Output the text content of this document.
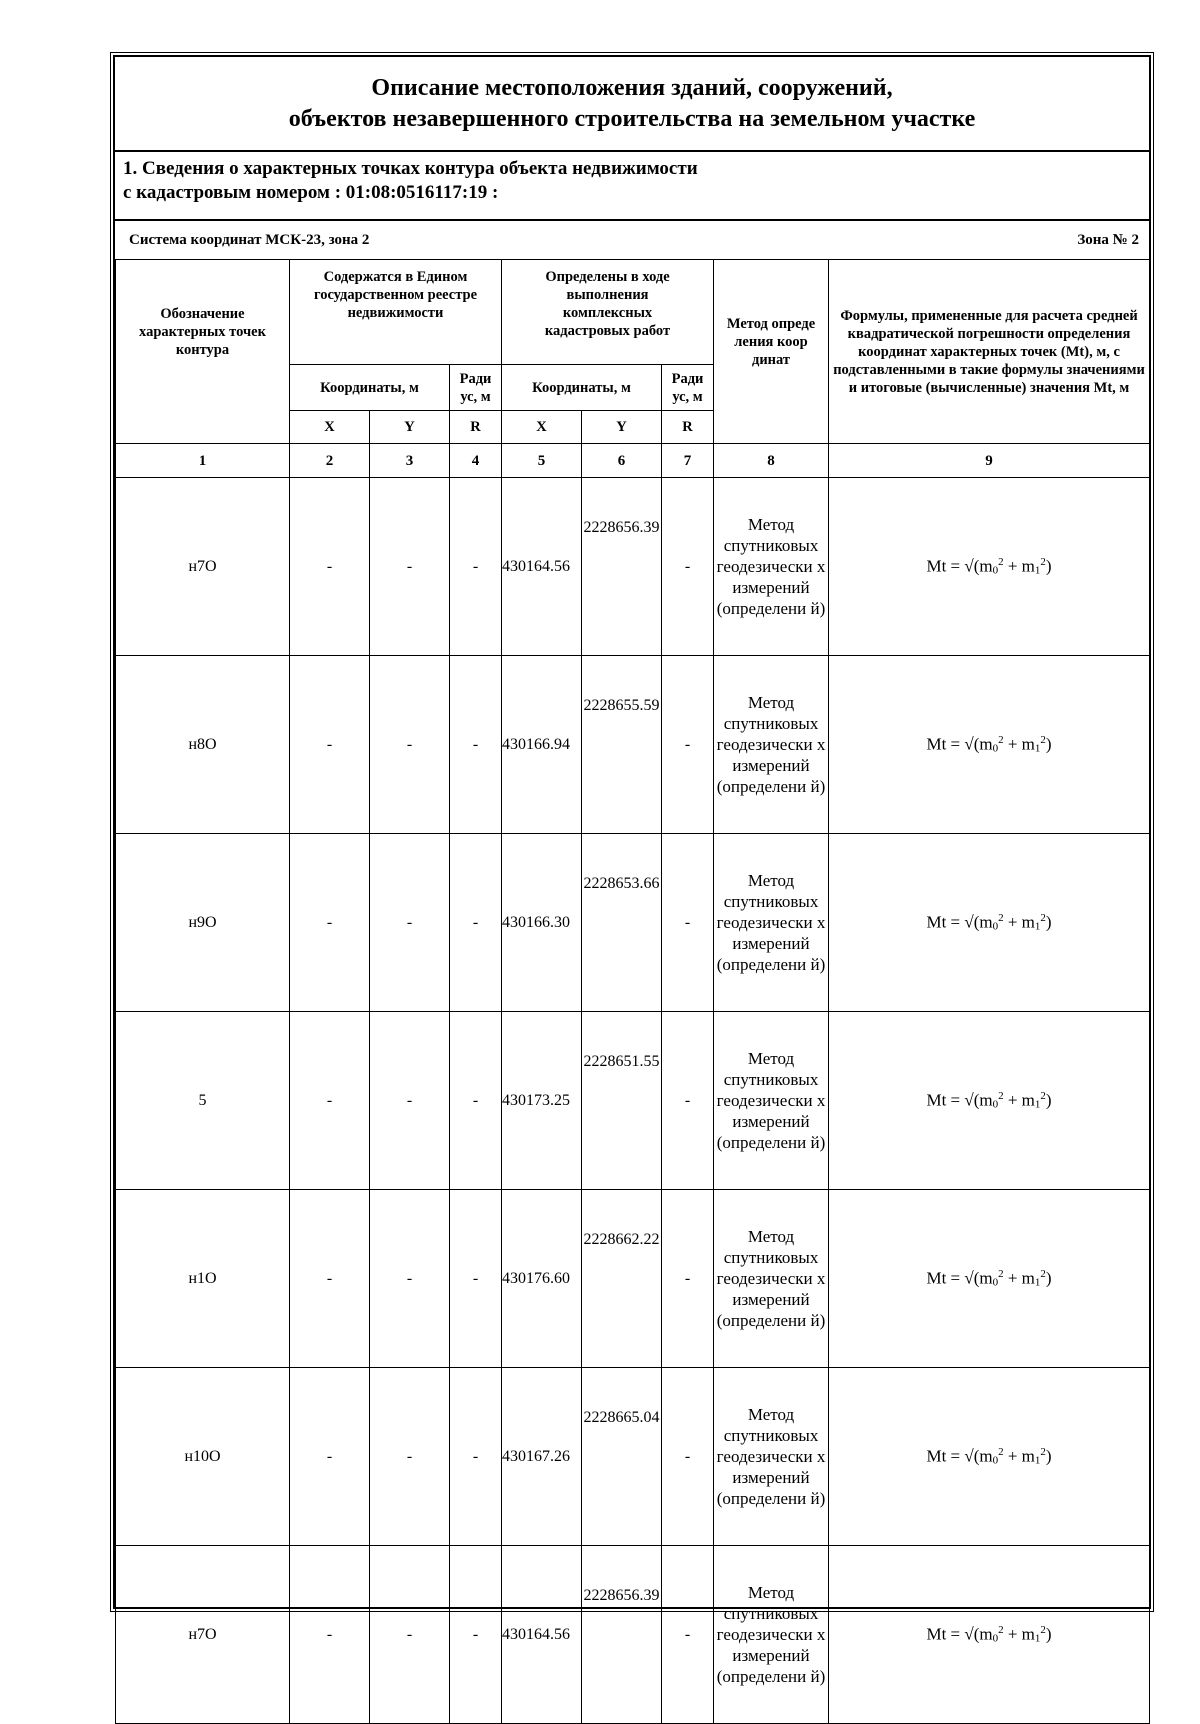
Описание местоположения зданий, сооружений,
объектов незавершенного строительства на земельном участке
1. Сведения о характерных точках контура объекта недвижимости
с кадастровым номером : 01:08:0516117:19 :
Система координат МСК-23, зона 2	Зона № 2
Обозначение характерных точек контура	Содержатся в Едином государственном реестре недвижимости			Определены в ходе выполнения комплексных кадастровых работ			Метод опреде ления коор динат	Формулы, примененные для расчета средней квадратической погрешности определения координат характерных точек (Mt), м, с подставленными в такие формулы значениями и итоговые (вычисленные) значения Mt, м
	Координаты, м		Ради ус, м	Координаты, м		Ради ус, м		
	X	Y	R	X	Y	R		
1	2	3	4	5	6	7	8	9
н7О	-	-	-	430164.56	2228656.39	-	Метод спутниковых геодезически х измерений (определени й)	$Mt = √(m_0^2 + m_1^2)$
н8О	-	-	-	430166.94	2228655.59	-	Метод спутниковых геодезически х измерений (определени й)	$Mt = √(m_0^2 + m_1^2)$
н9О	-	-	-	430166.30	2228653.66	-	Метод спутниковых геодезически х измерений (определени й)	$Mt = √(m_0^2 + m_1^2)$
5	-	-	-	430173.25	2228651.55	-	Метод спутниковых геодезически х измерений (определени й)	$Mt = √(m_0^2 + m_1^2)$
н1О	-	-	-	430176.60	2228662.22	-	Метод спутниковых геодезически х измерений (определени й)	$Mt = √(m_0^2 + m_1^2)$
н10О	-	-	-	430167.26	2228665.04	-	Метод спутниковых геодезически х измерений (определени й)	$Mt = √(m_0^2 + m_1^2)$
н7О	-	-	-	430164.56	2228656.39	-	Метод спутниковых геодезически х измерений (определени й)	$Mt = √(m_0^2 + m_1^2)$
